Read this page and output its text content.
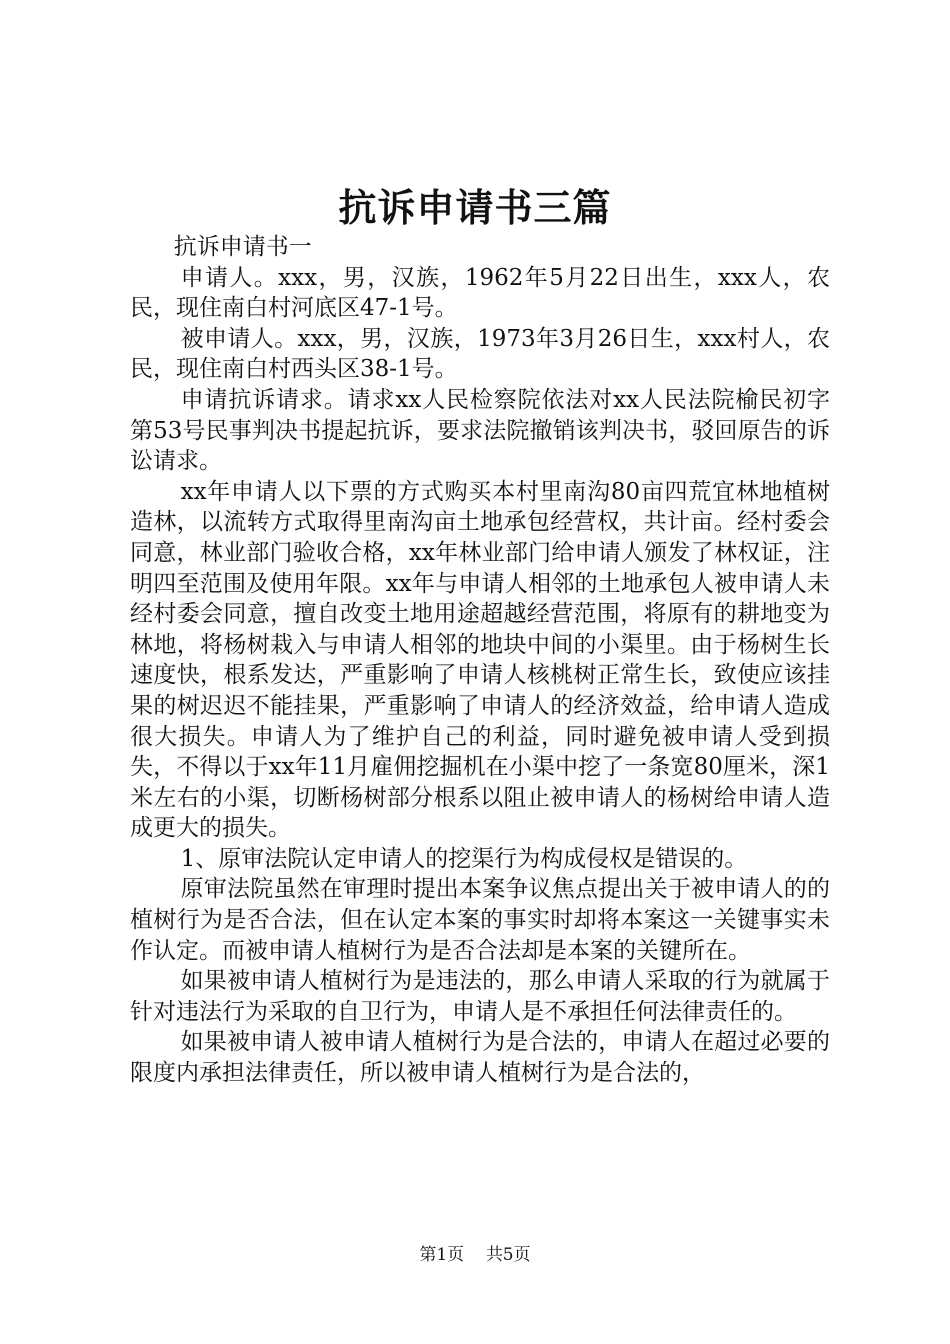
抗诉申请书三篇

抗诉申请书一

申请人。xxx，男，汉族，1962年5月22日出生，xxx人，农民，现住南白村河底区47-1号。

被申请人。xxx，男，汉族，1973年3月26日生，xxx村人，农民，现住南白村西头区38-1号。

申请抗诉请求。请求xx人民检察院依法对xx人民法院榆民初字第53号民事判决书提起抗诉，要求法院撤销该判决书，驳回原告的诉讼请求。

xx年申请人以下票的方式购买本村里南沟80亩四荒宜林地植树造林，以流转方式取得里南沟亩土地承包经营权，共计亩。经村委会同意，林业部门验收合格，xx年林业部门给申请人颁发了林权证，注明四至范围及使用年限。xx年与申请人相邻的土地承包人被申请人未经村委会同意，擅自改变土地用途超越经营范围，将原有的耕地变为林地，将杨树栽入与申请人相邻的地块中间的小渠里。由于杨树生长速度快，根系发达，严重影响了申请人核桃树正常生长，致使应该挂果的树迟迟不能挂果，严重影响了申请人的经济效益，给申请人造成很大损失。申请人为了维护自己的利益，同时避免被申请人受到损失，不得以于xx年11月雇佣挖掘机在小渠中挖了一条宽80厘米，深1米左右的小渠，切断杨树部分根系以阻止被申请人的杨树给申请人造成更大的损失。

1、原审法院认定申请人的挖渠行为构成侵权是错误的。

原审法院虽然在审理时提出本案争议焦点提出关于被申请人的的植树行为是否合法，但在认定本案的事实时却将本案这一关键事实未作认定。而被申请人植树行为是否合法却是本案的关键所在。

如果被申请人植树行为是违法的，那么申请人采取的行为就属于针对违法行为采取的自卫行为，申请人是不承担任何法律责任的。

如果被申请人被申请人植树行为是合法的，申请人在超过必要的限度内承担法律责任，所以被申请人植树行为是合法的，

第1页 共5页
